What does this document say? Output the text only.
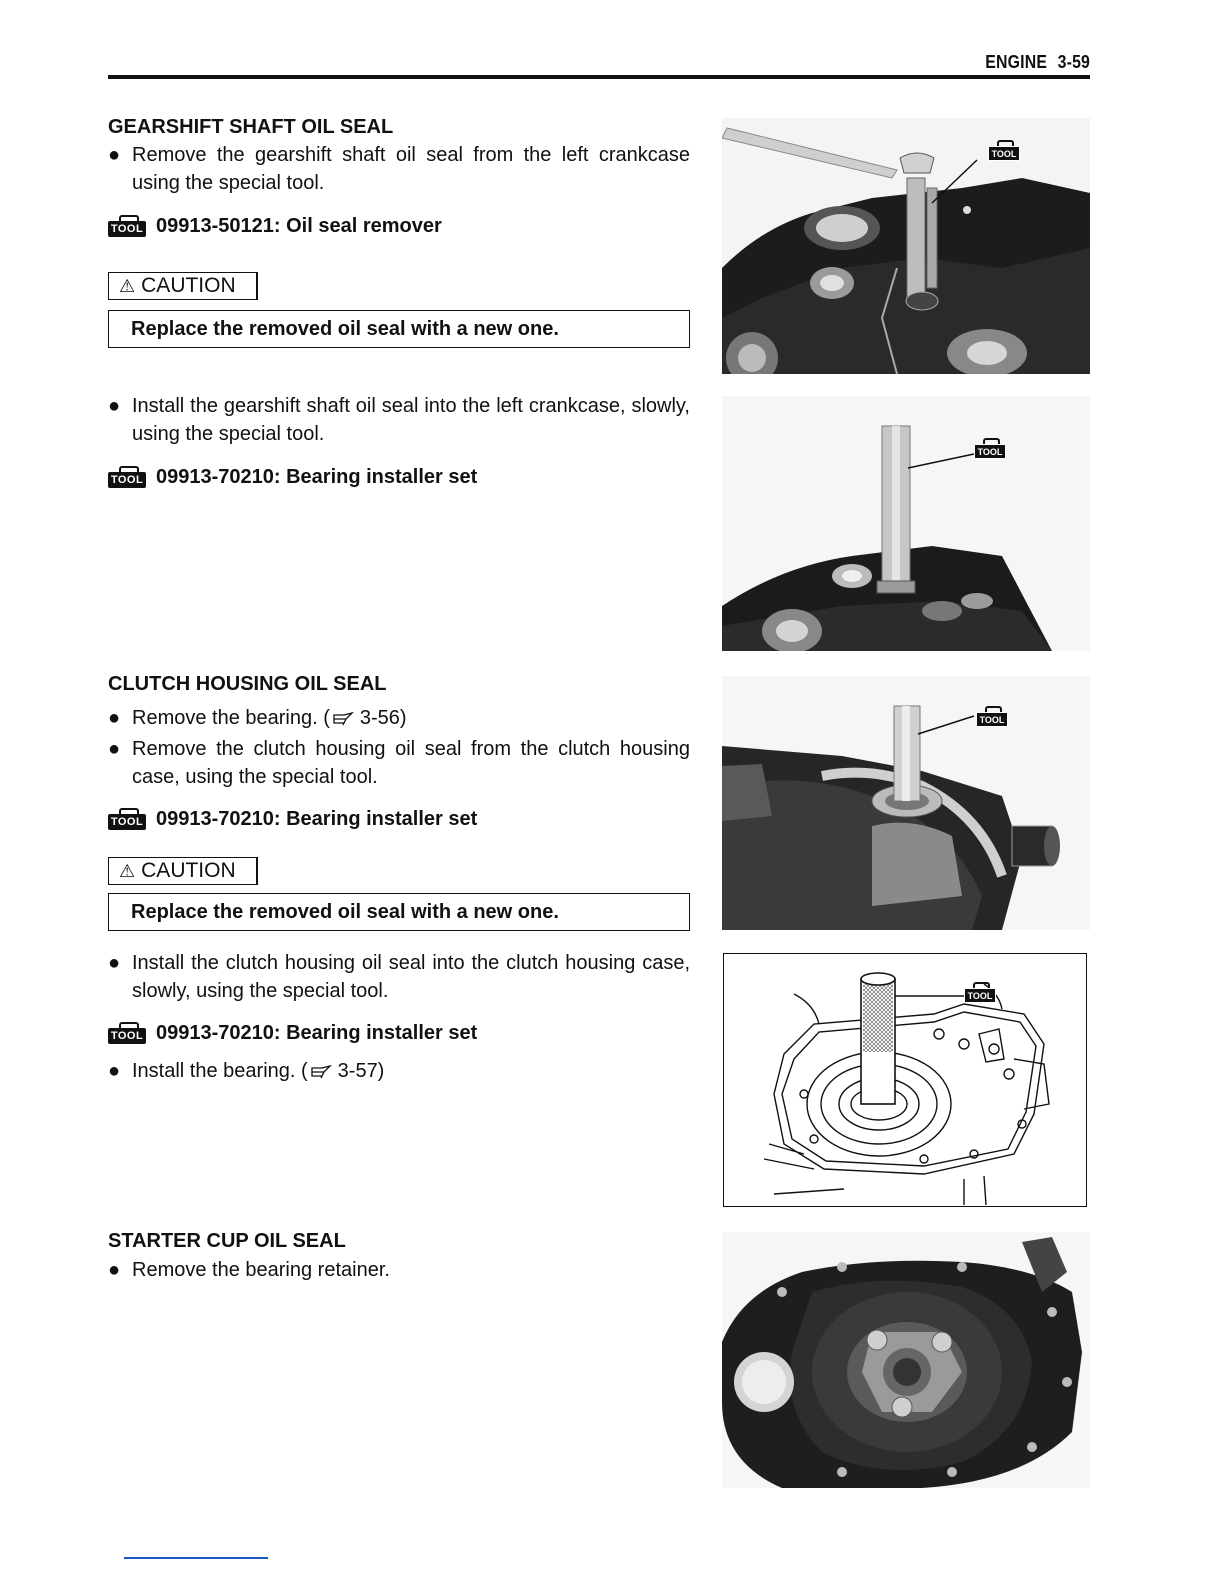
ENGINE 3-59
GEARSHIFT SHAFT OIL SEAL
● Remove the gearshift shaft oil seal from the left crankcase using the special tool.
TOOL 09913-50121: Oil seal remover
⚠ CAUTION
Replace the removed oil seal with a new one.
● Install the gearshift shaft oil seal into the left crankcase, slowly, using the special tool.
TOOL 09913-70210: Bearing installer set
CLUTCH HOUSING OIL SEAL
● Remove the bearing. ( 3-56)
● Remove the clutch housing oil seal from the clutch housing case, using the special tool.
TOOL 09913-70210: Bearing installer set
⚠ CAUTION
Replace the removed oil seal with a new one.
● Install the clutch housing oil seal into the clutch housing case, slowly, using the special tool.
TOOL 09913-70210: Bearing installer set
● Install the bearing. ( 3-57)
STARTER CUP OIL SEAL
● Remove the bearing retainer.
TOOL
TOOL
TOOL
TOOL
